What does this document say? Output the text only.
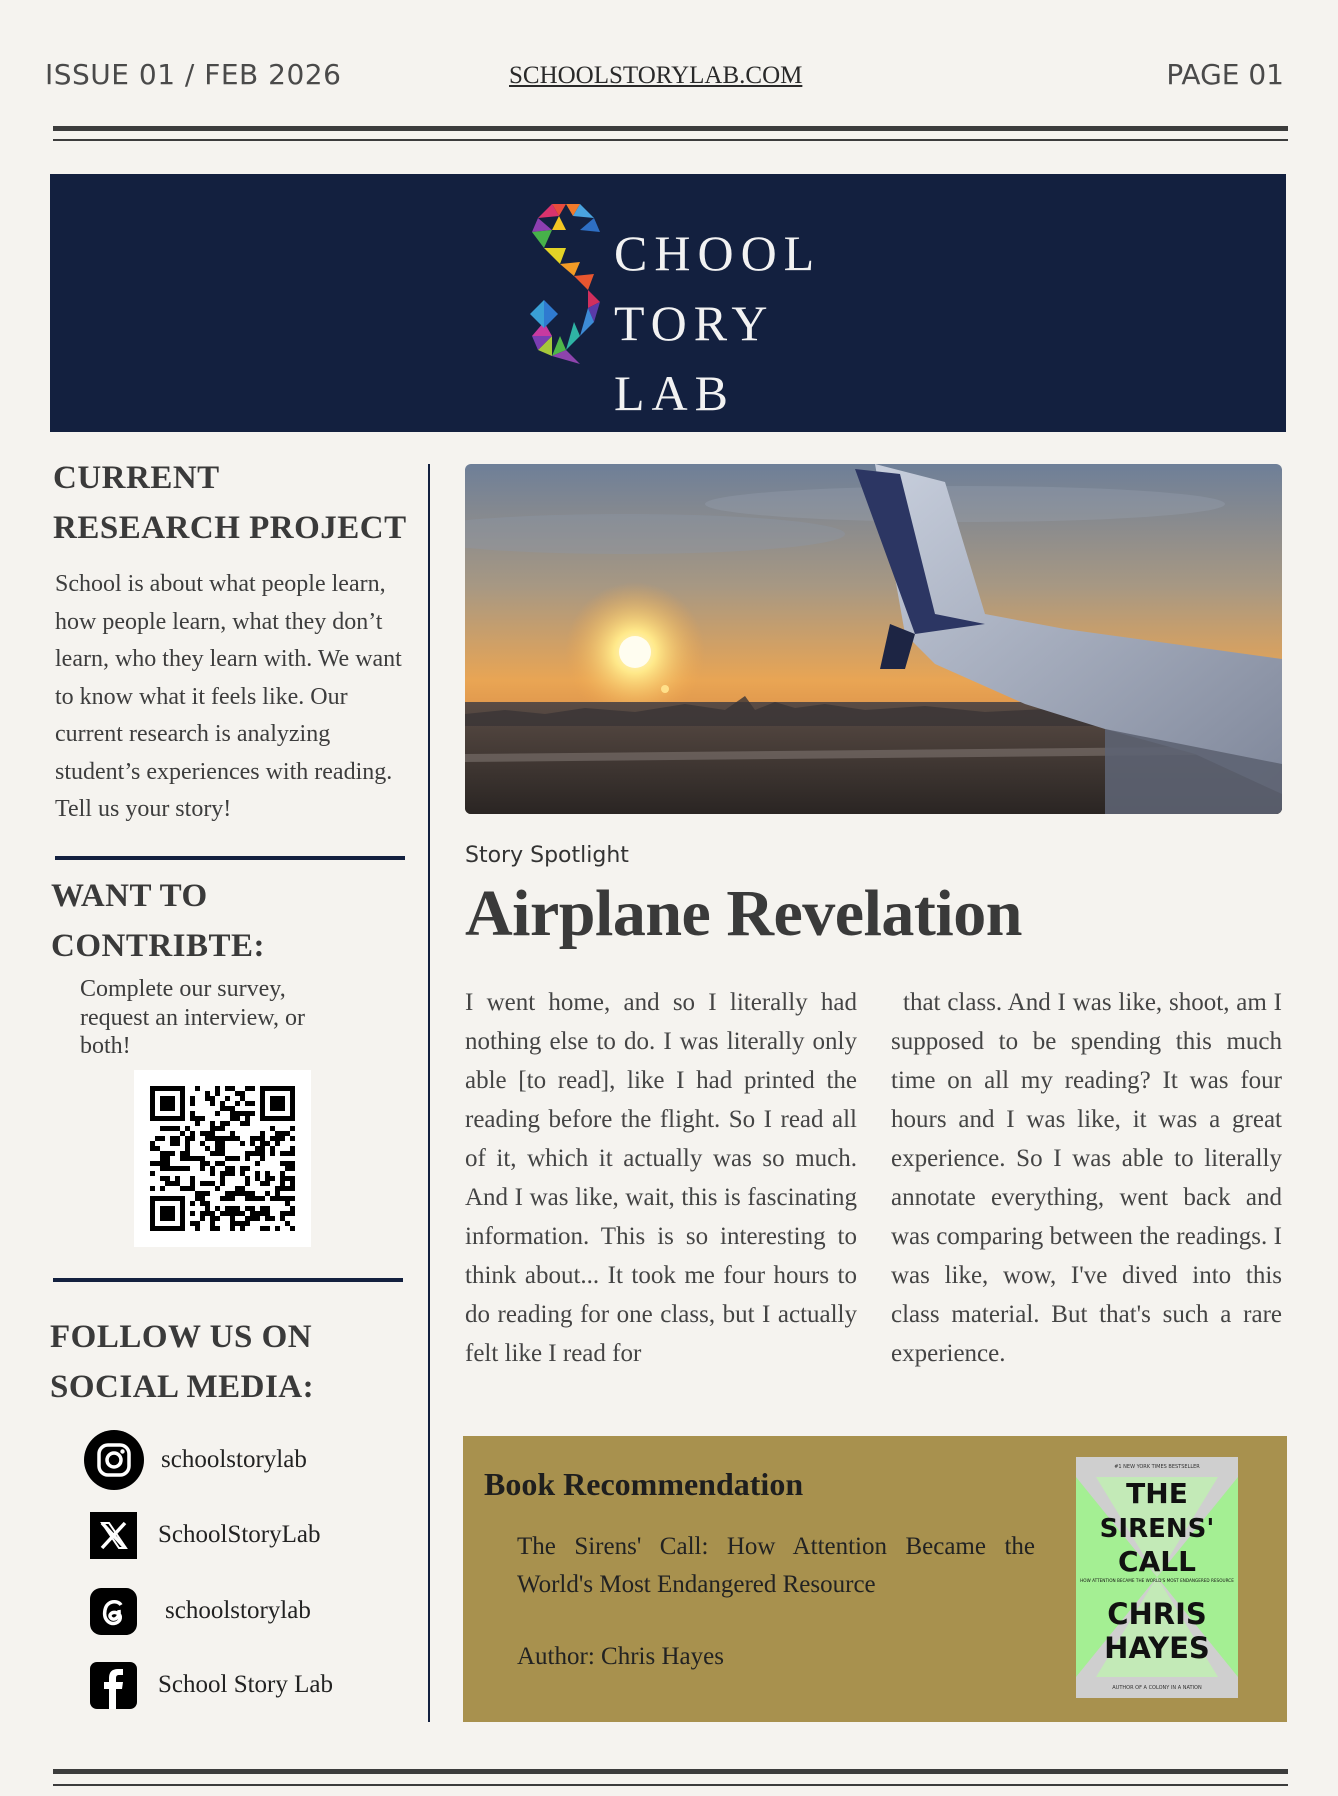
ISSUE 01 / FEB 2026	SCHOOLSTORYLAB.COM	PAGE 01
CHOOL
TORY
LAB
CURRENT
RESEARCH PROJECT
School is about what people learn, how people learn, what they don’t learn, who they learn with. We want to know what it feels like. Our current research is analyzing student’s experiences with reading. Tell us your story!
WANT TO
CONTRIBTE:
Complete our survey, request an interview, or both!
FOLLOW US ON
SOCIAL MEDIA:
schoolstorylab
SchoolStoryLab
schoolstorylab
School Story Lab
Story Spotlight
Airplane Revelation
I went home, and so I literally had nothing else to do. I was literally only able [to read], like I had printed the reading before the flight. So I read all of it, which it actually was so much. And I was like, wait, this is fascinating information. This is so interesting to think about... It took me four hours to do reading for one class, but I actually felt like I read for
that class. And I was like, shoot, am I supposed to be spending this much time on all my reading? It was four hours and I was like, it was a great experience. So I was able to literally annotate everything, went back and was comparing between the readings. I was like, wow, I've dived into this class material. But that's such a rare experience.
Book Recommendation
The Sirens' Call: How Attention Became the World's Most Endangered Resource
Author: Chris Hayes
#1 NEW YORK TIMES BESTSELLER
THE
SIRENS'
CALL
HOW ATTENTION BECAME THE WORLD'S MOST ENDANGERED RESOURCE
CHRIS
HAYES
AUTHOR OF A COLONY IN A NATION
